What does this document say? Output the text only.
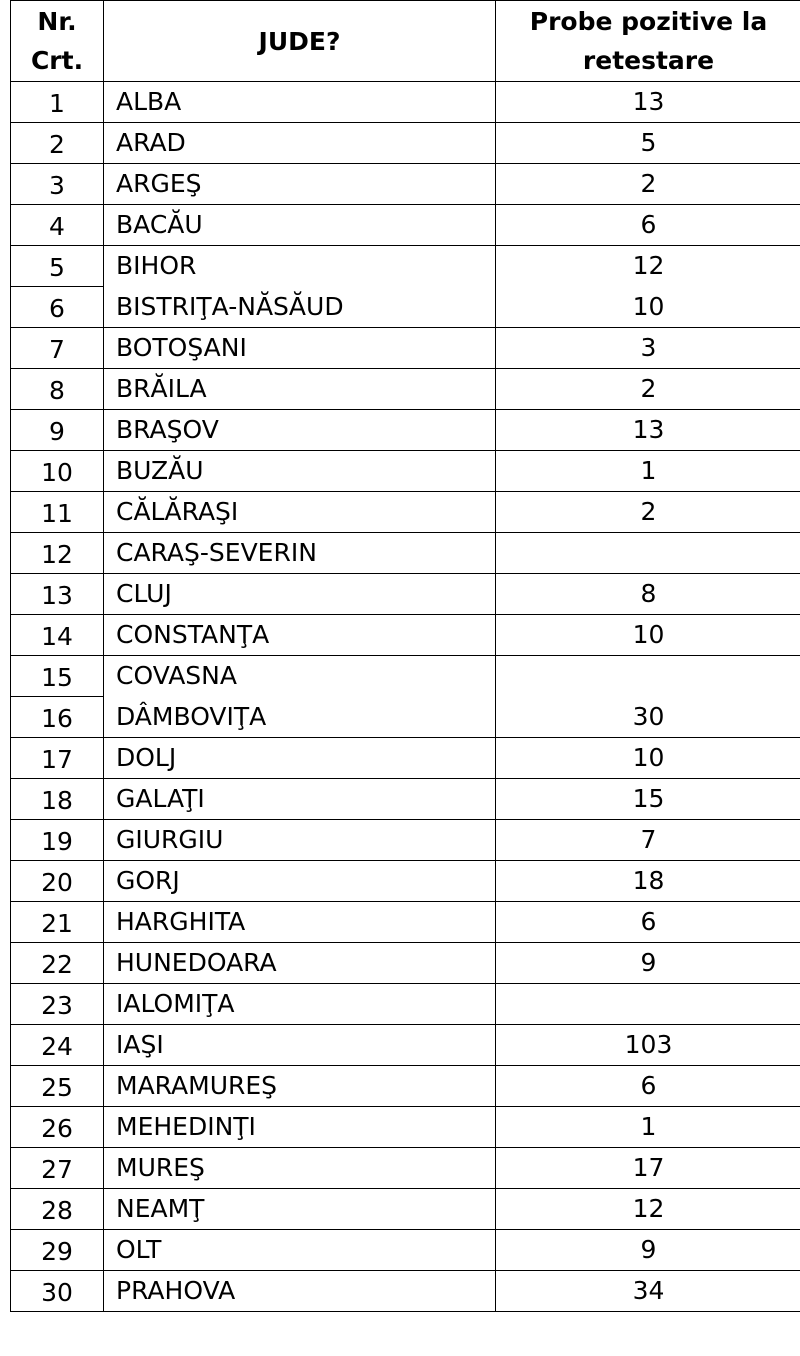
Nr.
Crt.	JUDE?	Probe pozitive la retestare
1	ALBA	13
2	ARAD	5
3	ARGEŞ	2
4	BACĂU	6
5	BIHOR	12
6	BISTRIŢA-NĂSĂUD	10
7	BOTOŞANI	3
8	BRĂILA	2
9	BRAŞOV	13
10	BUZĂU	1
11	CĂLĂRAŞI	2
12	CARAŞ-SEVERIN	
13	CLUJ	8
14	CONSTANŢA	10
15	COVASNA	
16	DÂMBOVIŢA	30
17	DOLJ	10
18	GALAŢI	15
19	GIURGIU	7
20	GORJ	18
21	HARGHITA	6
22	HUNEDOARA	9
23	IALOMIŢA	
24	IAŞI	103
25	MARAMUREŞ	6
26	MEHEDINŢI	1
27	MUREŞ	17
28	NEAMŢ	12
29	OLT	9
30	PRAHOVA	34
